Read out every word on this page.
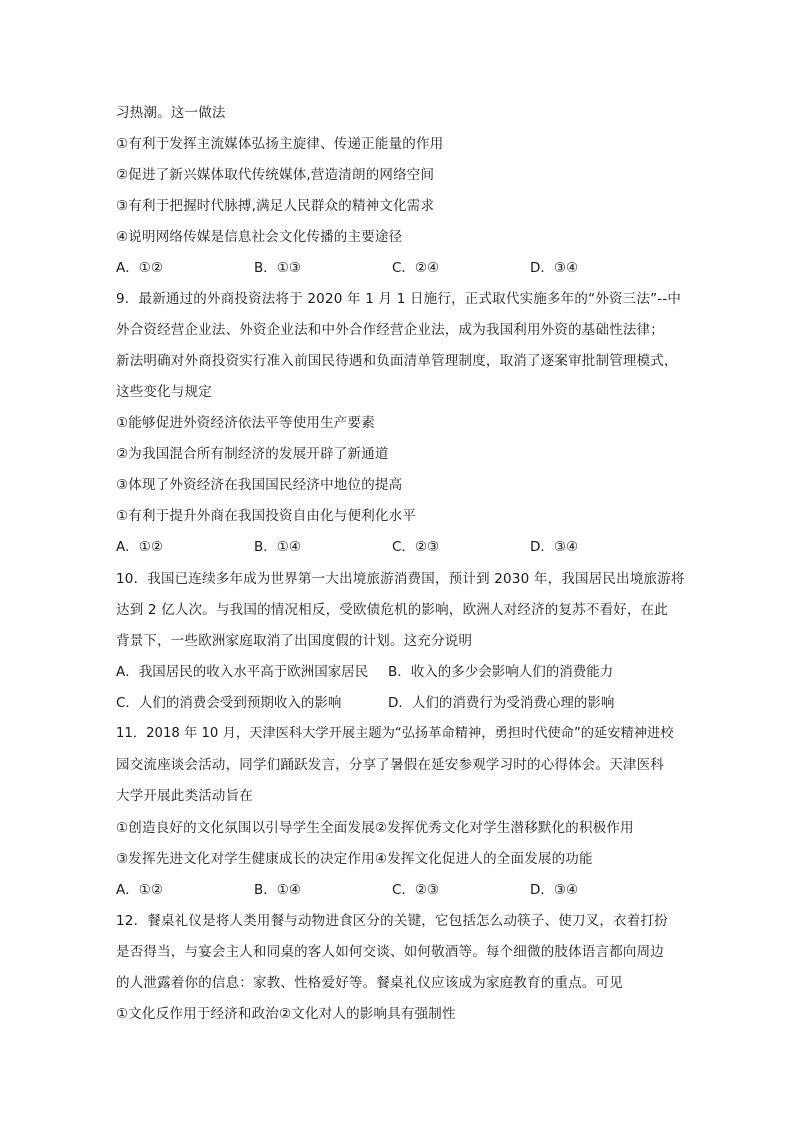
习热潮。这一做法
①有利于发挥主流媒体弘扬主旋律、传递正能量的作用
②促进了新兴媒体取代传统媒体,营造清朗的网络空间
③有利于把握时代脉搏,满足人民群众的精神文化需求
④说明网络传媒是信息社会文化传播的主要途径
A．①②	B．①③	C．②④	D．③④
9．最新通过的外商投资法将于 2020 年 1 月 1 日施行，正式取代实施多年的“外资三法”--中
外合资经营企业法、外资企业法和中外合作经营企业法，成为我国利用外资的基础性法律；
新法明确对外商投资实行准入前国民待遇和负面清单管理制度，取消了逐案审批制管理模式，
这些变化与规定
①能够促进外资经济依法平等使用生产要素
②为我国混合所有制经济的发展开辟了新通道
③体现了外资经济在我国国民经济中地位的提高
①有利于提升外商在我国投资自由化与便利化水平
A．①②	B．①④	C．②③	D．③④
10．我国已连续多年成为世界第一大出境旅游消费国，预计到 2030 年，我国居民出境旅游将
达到 2 亿人次。与我国的情况相反，受欧债危机的影响，欧洲人对经济的复苏不看好，在此
背景下，一些欧洲家庭取消了出国度假的计划。这充分说明
A．我国居民的收入水平高于欧洲国家居民 B．收入的多少会影响人们的消费能力
C．人们的消费会受到预期收入的影响	D．人们的消费行为受消费心理的影响
11．2018 年 10 月，天津医科大学开展主题为“弘扬革命精神，勇担时代使命”的延安精神进校
园交流座谈会活动，同学们踊跃发言，分享了暑假在延安参观学习时的心得体会。天津医科
大学开展此类活动旨在
①创造良好的文化氛围以引导学生全面发展②发挥优秀文化对学生潜移默化的积极作用
③发挥先进文化对学生健康成长的决定作用④发挥文化促进人的全面发展的功能
A．①②	B．①④	C．②③	D．③④
12．餐桌礼仪是将人类用餐与动物进食区分的关键，它包括怎么动筷子、使刀叉，衣着打扮
是否得当，与宴会主人和同桌的客人如何交谈、如何敬酒等。每个细微的肢体语言都向周边
的人泄露着你的信息：家教、性格爱好等。餐桌礼仪应该成为家庭教育的重点。可见
①文化反作用于经济和政治②文化对人的影响具有强制性
